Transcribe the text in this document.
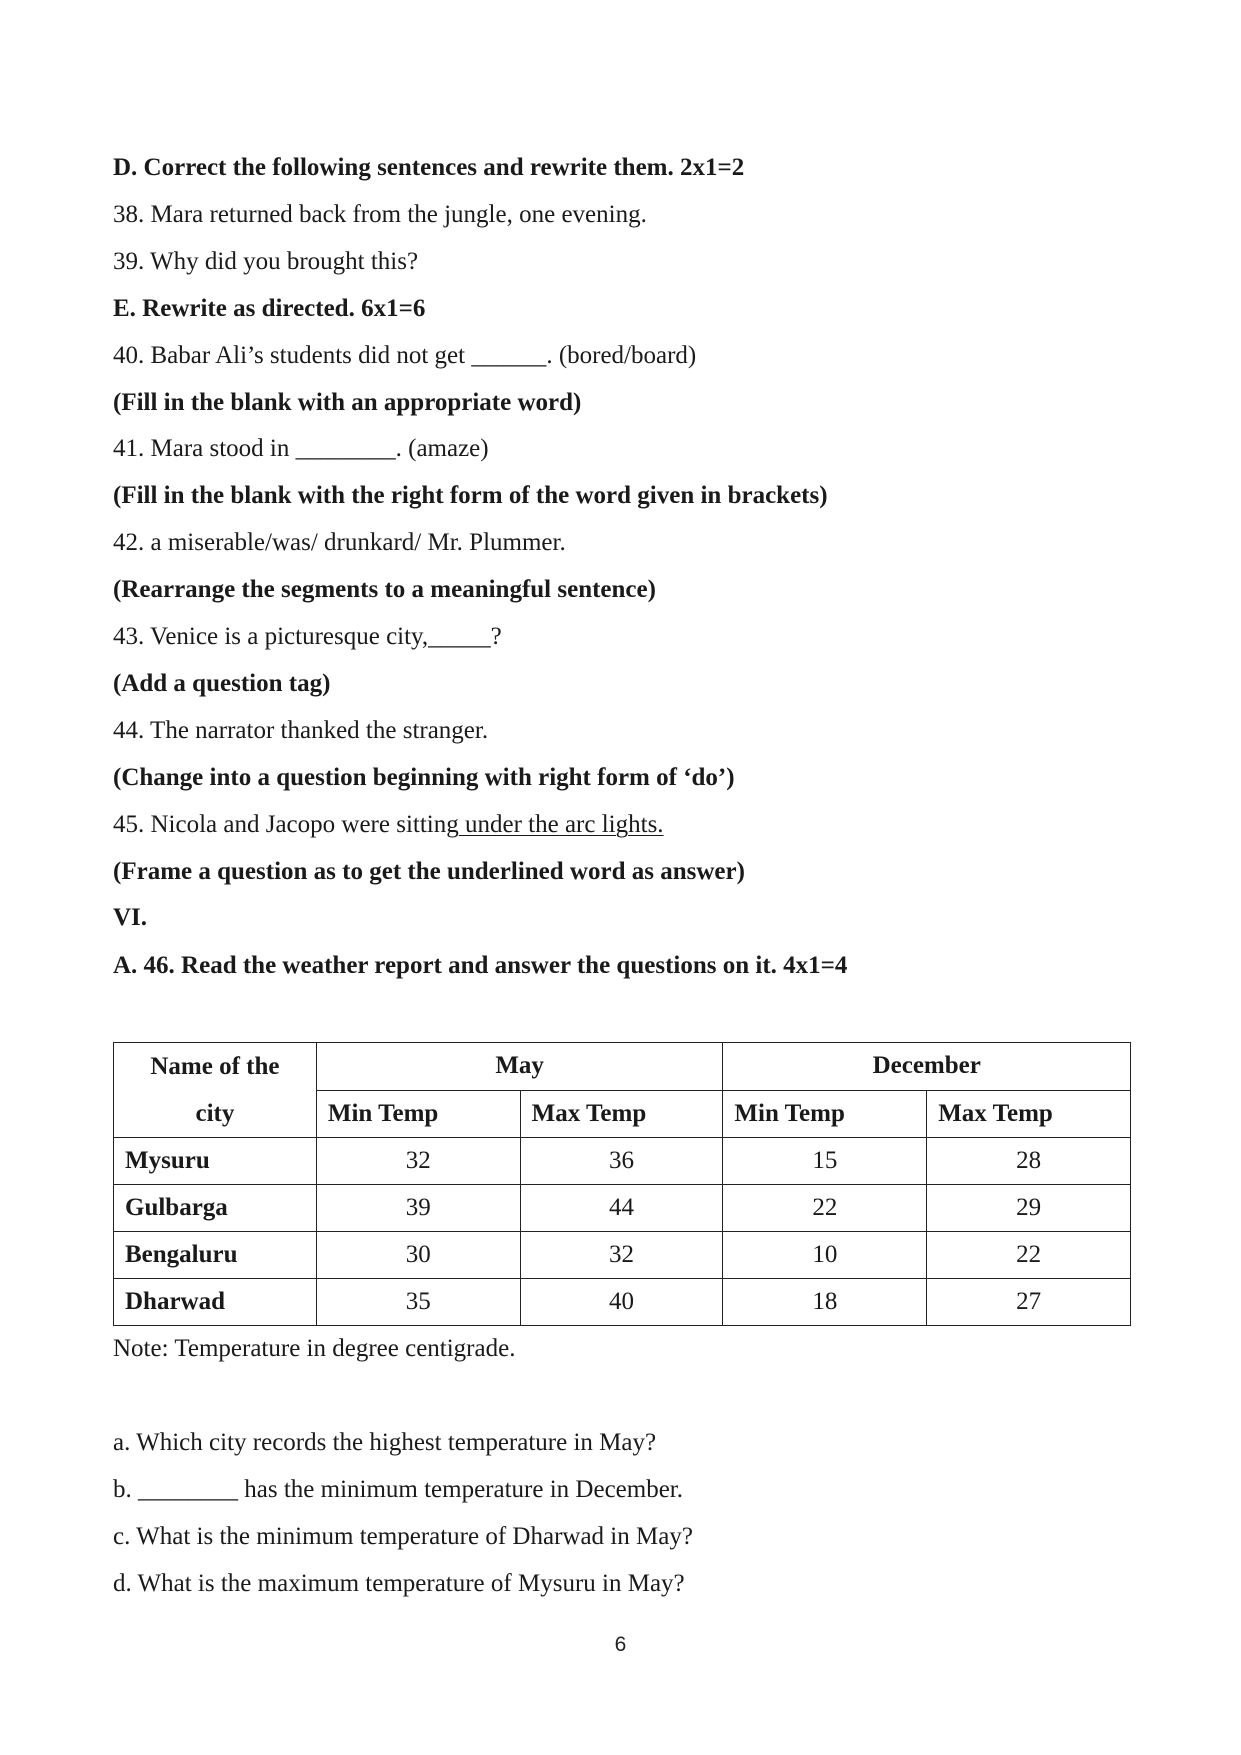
D. Correct the following sentences and rewrite them. 2x1=2
38. Mara returned back from the jungle, one evening.
39. Why did you brought this?
E. Rewrite as directed. 6x1=6
40. Babar Ali’s students did not get ______. (bored/board)
(Fill in the blank with an appropriate word)
41. Mara stood in ________. (amaze)
(Fill in the blank with the right form of the word given in brackets)
42. a miserable/was/ drunkard/ Mr. Plummer.
(Rearrange the segments to a meaningful sentence)
43. Venice is a picturesque city,_____?
(Add a question tag)
44. The narrator thanked the stranger.
(Change into a question beginning with right form of ‘do’)
45. Nicola and Jacopo were sitting under the arc lights.
(Frame a question as to get the underlined word as answer)
VI.
A. 46. Read the weather report and answer the questions on it. 4x1=4
Name of the
city	May		December	
	Min Temp	Max Temp	Min Temp	Max Temp
Mysuru	32	36	15	28
Gulbarga	39	44	22	29
Bengaluru	30	32	10	22
Dharwad	35	40	18	27
Note: Temperature in degree centigrade.
a. Which city records the highest temperature in May?
b. ________ has the minimum temperature in December.
c. What is the minimum temperature of Dharwad in May?
d. What is the maximum temperature of Mysuru in May?
6
